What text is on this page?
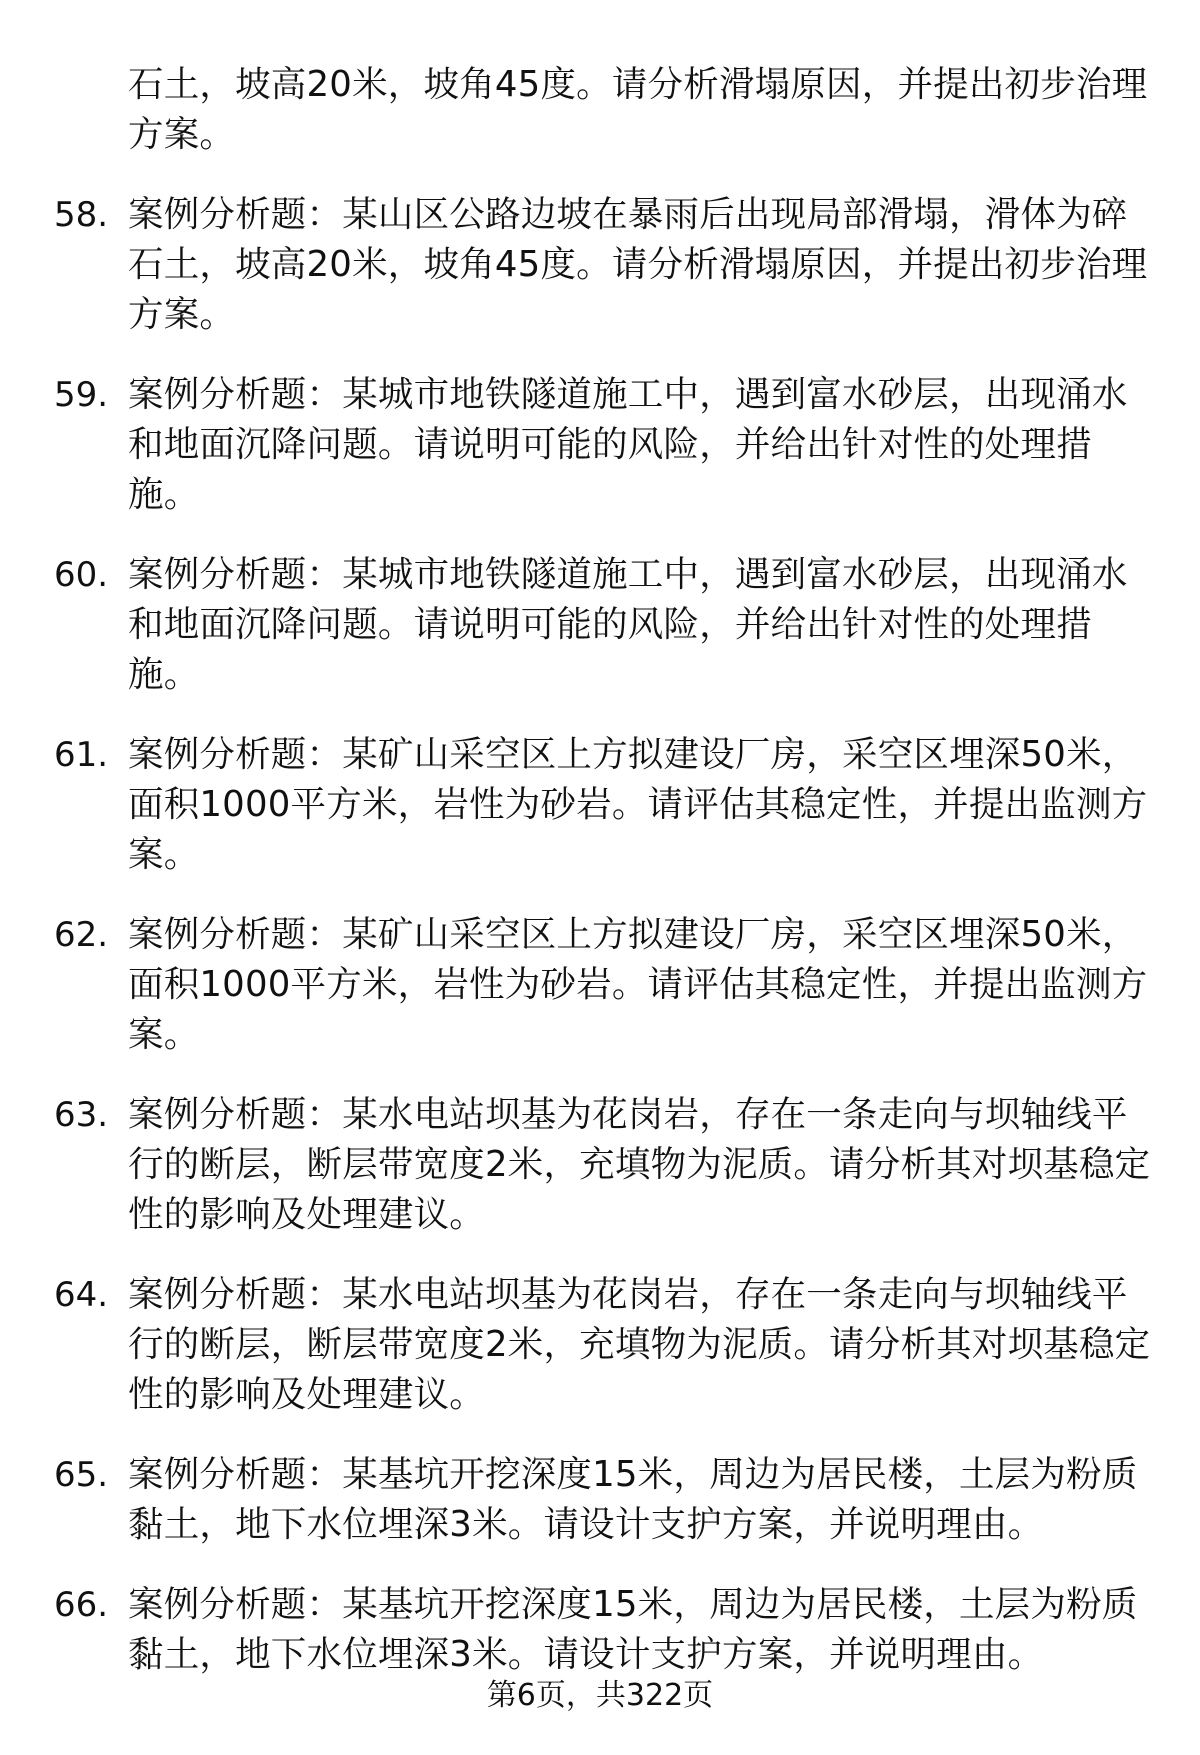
石土，坡高20米，坡角45度。请分析滑塌原因，并提出初步治理
方案。
58. 案例分析题：某山区公路边坡在暴雨后出现局部滑塌，滑体为碎
石土，坡高20米，坡角45度。请分析滑塌原因，并提出初步治理
方案。
59. 案例分析题：某城市地铁隧道施工中，遇到富水砂层，出现涌水
和地面沉降问题。请说明可能的风险，并给出针对性的处理措
施。
60. 案例分析题：某城市地铁隧道施工中，遇到富水砂层，出现涌水
和地面沉降问题。请说明可能的风险，并给出针对性的处理措
施。
61. 案例分析题：某矿山采空区上方拟建设厂房，采空区埋深50米，
面积1000平方米，岩性为砂岩。请评估其稳定性，并提出监测方
案。
62. 案例分析题：某矿山采空区上方拟建设厂房，采空区埋深50米，
面积1000平方米，岩性为砂岩。请评估其稳定性，并提出监测方
案。
63. 案例分析题：某水电站坝基为花岗岩，存在一条走向与坝轴线平
行的断层，断层带宽度2米，充填物为泥质。请分析其对坝基稳定
性的影响及处理建议。
64. 案例分析题：某水电站坝基为花岗岩，存在一条走向与坝轴线平
行的断层，断层带宽度2米，充填物为泥质。请分析其对坝基稳定
性的影响及处理建议。
65. 案例分析题：某基坑开挖深度15米，周边为居民楼，土层为粉质
黏土，地下水位埋深3米。请设计支护方案，并说明理由。
66. 案例分析题：某基坑开挖深度15米，周边为居民楼，土层为粉质
黏土，地下水位埋深3米。请设计支护方案，并说明理由。
第6页，共322页
